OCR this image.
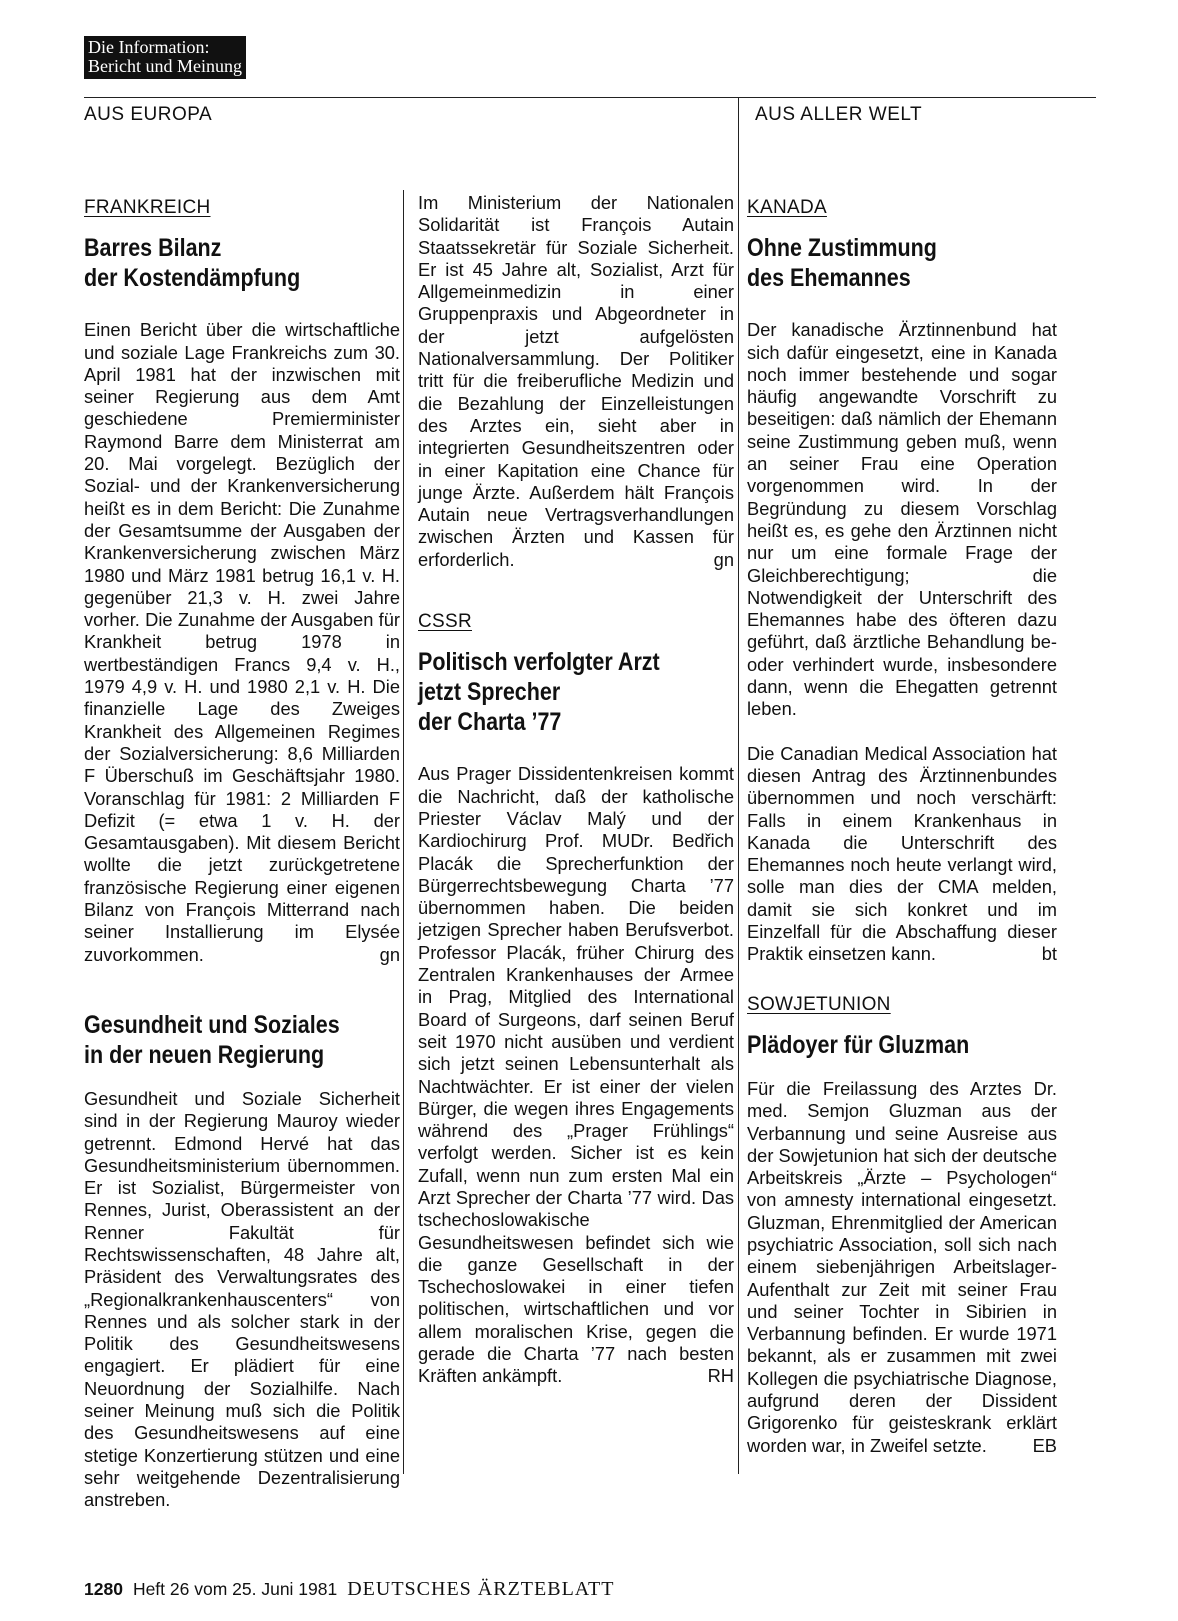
Die Information:
Bericht und Meinung
AUS EUROPA	AUS ALLER WELT
FRANKREICH
Barres Bilanz
der Kostendämpfung

Einen Bericht über die wirtschaftliche und soziale Lage Frankreichs zum 30. April 1981 hat der inzwischen mit seiner Regierung aus dem Amt geschiedene Premierminister Raymond Barre dem Ministerrat am 20. Mai vorgelegt. Bezüglich der Sozial- und der Krankenversicherung heißt es in dem Bericht: Die Zunahme der Gesamtsumme der Ausgaben der Krankenversicherung zwischen März 1980 und März 1981 betrug 16,1 v. H. gegenüber 21,3 v. H. zwei Jahre vorher. Die Zunahme der Ausgaben für Krankheit betrug 1978 in wertbeständigen Francs 9,4 v. H., 1979 4,9 v. H. und 1980 2,1 v. H. Die finanzielle Lage des Zweiges Krankheit des Allgemeinen Regimes der Sozialversicherung: 8,6 Milliarden F Überschuß im Geschäftsjahr 1980. Voranschlag für 1981: 2 Milliarden F Defizit (= etwa 1 v. H. der Gesamtausgaben). Mit diesem Bericht wollte die jetzt zurückgetretene französische Regierung einer eigenen Bilanz von François Mitterrand nach seiner Installierung im Elysée zuvorkommen.	gn

Gesundheit und Soziales
in der neuen Regierung

Gesundheit und Soziale Sicherheit sind in der Regierung Mauroy wieder getrennt. Edmond Hervé hat das Gesundheitsministerium übernommen. Er ist Sozialist, Bürgermeister von Rennes, Jurist, Oberassistent an der Renner Fakultät für Rechtswissenschaften, 48 Jahre alt, Präsident des Verwaltungsrates des „Regionalkrankenhauscenters“ von Rennes und als solcher stark in der Politik des Gesundheitswesens engagiert. Er plädiert für eine Neuordnung der Sozialhilfe. Nach seiner Meinung muß sich die Politik des Gesundheitswesens auf eine stetige Konzertierung stützen und eine sehr weitgehende Dezentralisierung anstreben.

Im Ministerium der Nationalen Solidarität ist François Autain Staatssekretär für Soziale Sicherheit. Er ist 45 Jahre alt, Sozialist, Arzt für Allgemeinmedizin in einer Gruppenpraxis und Abgeordneter in der jetzt aufgelösten Nationalversammlung. Der Politiker tritt für die freiberufliche Medizin und die Bezahlung der Einzelleistungen des Arztes ein, sieht aber in integrierten Gesundheitszentren oder in einer Kapitation eine Chance für junge Ärzte. Außerdem hält François Autain neue Vertragsverhandlungen zwischen Ärzten und Kassen für erforderlich.	gn

CSSR
Politisch verfolgter Arzt
jetzt Sprecher
der Charta ’77

Aus Prager Dissidentenkreisen kommt die Nachricht, daß der katholische Priester Václav Malý und der Kardiochirurg Prof. MUDr. Bedřich Placák die Sprecherfunktion der Bürgerrechtsbewegung Charta ’77 übernommen haben. Die beiden jetzigen Sprecher haben Berufsverbot. Professor Placák, früher Chirurg des Zentralen Krankenhauses der Armee in Prag, Mitglied des International Board of Surgeons, darf seinen Beruf seit 1970 nicht ausüben und verdient sich jetzt seinen Lebensunterhalt als Nachtwächter. Er ist einer der vielen Bürger, die wegen ihres Engagements während des „Prager Frühlings“ verfolgt werden. Sicher ist es kein Zufall, wenn nun zum ersten Mal ein Arzt Sprecher der Charta ’77 wird. Das tschechoslowakische Gesundheitswesen befindet sich wie die ganze Gesellschaft in der Tschechoslowakei in einer tiefen politischen, wirtschaftlichen und vor allem moralischen Krise, gegen die gerade die Charta ’77 nach besten Kräften ankämpft.	RH

KANADA
Ohne Zustimmung
des Ehemannes

Der kanadische Ärztinnenbund hat sich dafür eingesetzt, eine in Kanada noch immer bestehende und sogar häufig angewandte Vorschrift zu beseitigen: daß nämlich der Ehemann seine Zustimmung geben muß, wenn an seiner Frau eine Operation vorgenommen wird. In der Begründung zu diesem Vorschlag heißt es, es gehe den Ärztinnen nicht nur um eine formale Frage der Gleichberechtigung; die Notwendigkeit der Unterschrift des Ehemannes habe des öfteren dazu geführt, daß ärztliche Behandlung be- oder verhindert wurde, insbesondere dann, wenn die Ehegatten getrennt leben.

Die Canadian Medical Association hat diesen Antrag des Ärztinnenbundes übernommen und noch verschärft: Falls in einem Krankenhaus in Kanada die Unterschrift des Ehemannes noch heute verlangt wird, solle man dies der CMA melden, damit sie sich konkret und im Einzelfall für die Abschaffung dieser Praktik einsetzen kann.	bt

SOWJETUNION
Plädoyer für Gluzman

Für die Freilassung des Arztes Dr. med. Semjon Gluzman aus der Verbannung und seine Ausreise aus der Sowjetunion hat sich der deutsche Arbeitskreis „Ärzte – Psychologen“ von amnesty international eingesetzt. Gluzman, Ehrenmitglied der American psychiatric Association, soll sich nach einem siebenjährigen Arbeitslager-Aufenthalt zur Zeit mit seiner Frau und seiner Tochter in Sibirien in Verbannung befinden. Er wurde 1971 bekannt, als er zusammen mit zwei Kollegen die psychiatrische Diagnose, aufgrund deren der Dissident Grigorenko für geisteskrank erklärt worden war, in Zweifel setzte.	EB

1280 Heft 26 vom 25. Juni 1981 DEUTSCHES ÄRZTEBLATT
